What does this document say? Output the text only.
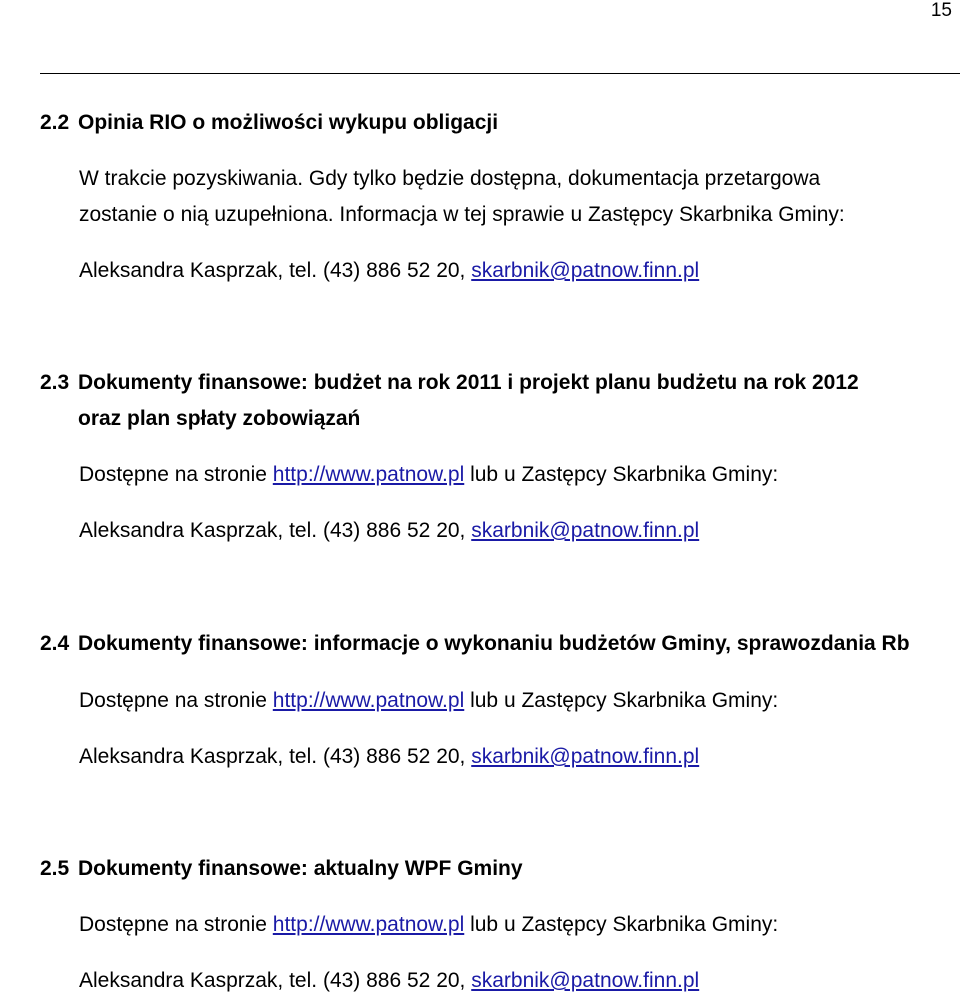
15
2.2 Opinia RIO o możliwości wykupu obligacji
W trakcie pozyskiwania. Gdy tylko będzie dostępna, dokumentacja przetargowa
zostanie o nią uzupełniona. Informacja w tej sprawie u Zastępcy Skarbnika Gminy:
Aleksandra Kasprzak, tel. (43) 886 52 20, skarbnik@patnow.finn.pl
2.3 Dokumenty finansowe: budżet na rok 2011 i projekt planu budżetu na rok 2012
oraz plan spłaty zobowiązań
Dostępne na stronie http://www.patnow.pl lub u Zastępcy Skarbnika Gminy:
Aleksandra Kasprzak, tel. (43) 886 52 20, skarbnik@patnow.finn.pl
2.4 Dokumenty finansowe: informacje o wykonaniu budżetów Gminy, sprawozdania Rb
Dostępne na stronie http://www.patnow.pl lub u Zastępcy Skarbnika Gminy:
Aleksandra Kasprzak, tel. (43) 886 52 20, skarbnik@patnow.finn.pl
2.5 Dokumenty finansowe: aktualny WPF Gminy
Dostępne na stronie http://www.patnow.pl lub u Zastępcy Skarbnika Gminy:
Aleksandra Kasprzak, tel. (43) 886 52 20, skarbnik@patnow.finn.pl
